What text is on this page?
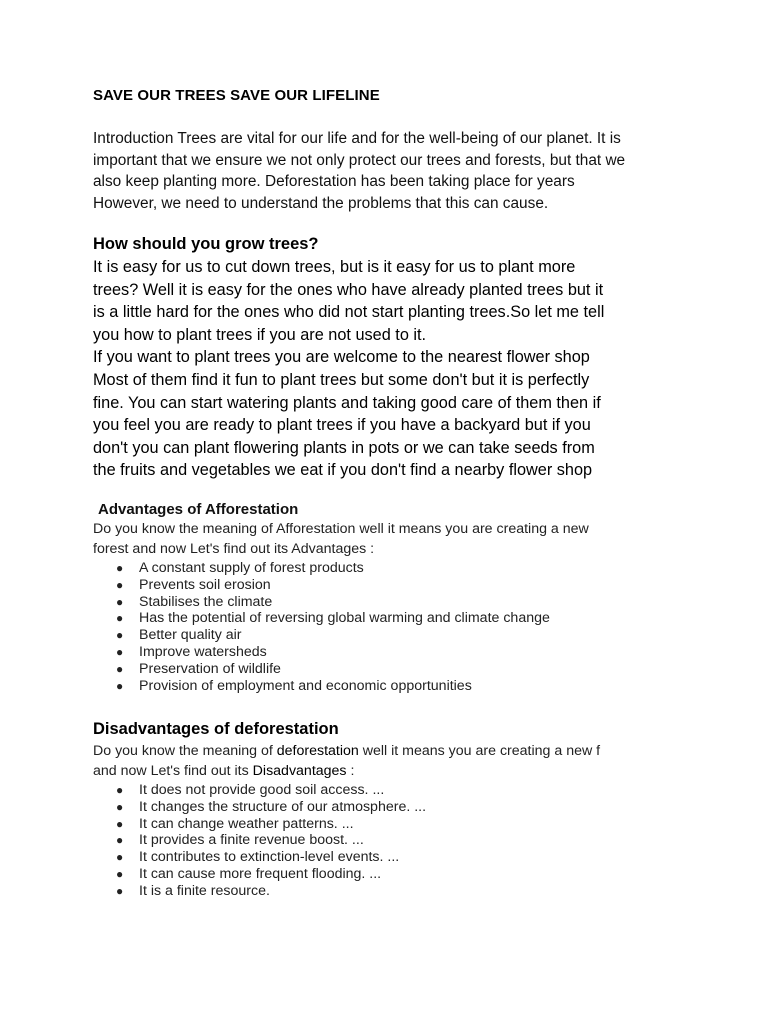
SAVE OUR TREES SAVE OUR LIFELINE
Introduction Trees are vital for our life and for the well-being of our planet. It is
important that we ensure we not only protect our trees and forests, but that we
also keep planting more. Deforestation has been taking place for years
However, we need to understand the problems that this can cause.
How should you grow trees?
It is easy for us to cut down trees, but is it easy for us to plant more
trees? Well it is easy for the ones who have already planted trees but it
is a little hard for the ones who did not start planting trees.So let me tell
you how to plant trees if you are not used to it.
If you want to plant trees you are welcome to the nearest flower shop
Most of them find it fun to plant trees but some don't but it is perfectly
fine. You can start watering plants and taking good care of them then if
you feel you are ready to plant trees if you have a backyard but if you
don't you can plant flowering plants in pots or we can take seeds from
the fruits and vegetables we eat if you don't find a nearby flower shop
Advantages of Afforestation
Do you know the meaning of Afforestation well it means you are creating a new
forest and now Let's find out its Advantages :
● A constant supply of forest products
● Prevents soil erosion
● Stabilises the climate
● Has the potential of reversing global warming and climate change
● Better quality air
● Improve watersheds
● Preservation of wildlife
● Provision of employment and economic opportunities
Disadvantages of deforestation
Do you know the meaning of deforestation well it means you are creating a new f
and now Let's find out its Disadvantages :
● It does not provide good soil access. ...
● It changes the structure of our atmosphere. ...
● It can change weather patterns. ...
● It provides a finite revenue boost. ...
● It contributes to extinction-level events. ...
● It can cause more frequent flooding. ...
● It is a finite resource.
